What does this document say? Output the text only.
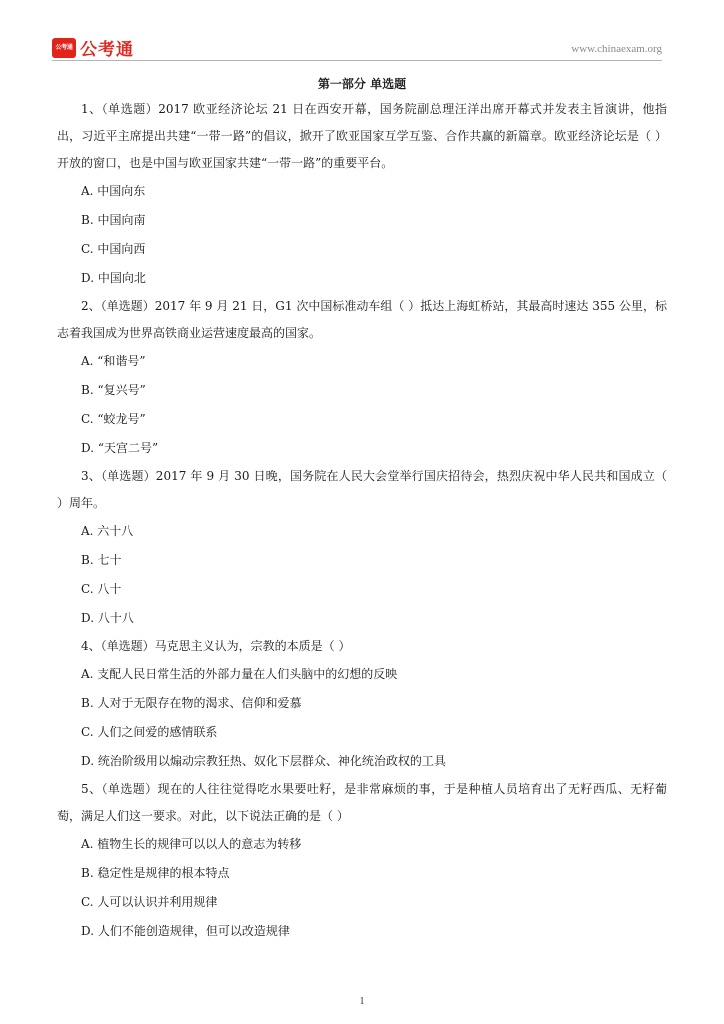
公考通 公考通	www.chinaexam.org
第一部分 单选题

1、（单选题）2017 欧亚经济论坛 21 日在西安开幕，国务院副总理汪洋出席开幕式并发表主旨演讲，他指出，习近平主席提出共建“一带一路”的倡议，掀开了欧亚国家互学互鉴、合作共赢的新篇章。欧亚经济论坛是（ ）开放的窗口，也是中国与欧亚国家共建“一带一路”的重要平台。

A. 中国向东
B. 中国向南
C. 中国向西
D. 中国向北

2、（单选题）2017 年 9 月 21 日，G1 次中国标准动车组（ ）抵达上海虹桥站，其最高时速达 355 公里，标志着我国成为世界高铁商业运营速度最高的国家。

A. “和谐号”
B. “复兴号”
C. “蛟龙号”
D. “天宫二号”

3、（单选题）2017 年 9 月 30 日晚，国务院在人民大会堂举行国庆招待会，热烈庆祝中华人民共和国成立（ ）周年。

A. 六十八
B. 七十
C. 八十
D. 八十八

4、（单选题）马克思主义认为，宗教的本质是（ ）

A. 支配人民日常生活的外部力量在人们头脑中的幻想的反映
B. 人对于无限存在物的渴求、信仰和爱慕
C. 人们之间爱的感情联系
D. 统治阶级用以煽动宗教狂热、奴化下层群众、神化统治政权的工具

5、（单选题）现在的人往往觉得吃水果要吐籽，是非常麻烦的事，于是种植人员培育出了无籽西瓜、无籽葡萄，满足人们这一要求。对此，以下说法正确的是（ ）

A. 植物生长的规律可以以人的意志为转移
B. 稳定性是规律的根本特点
C. 人可以认识并利用规律
D. 人们不能创造规律，但可以改造规律
1
